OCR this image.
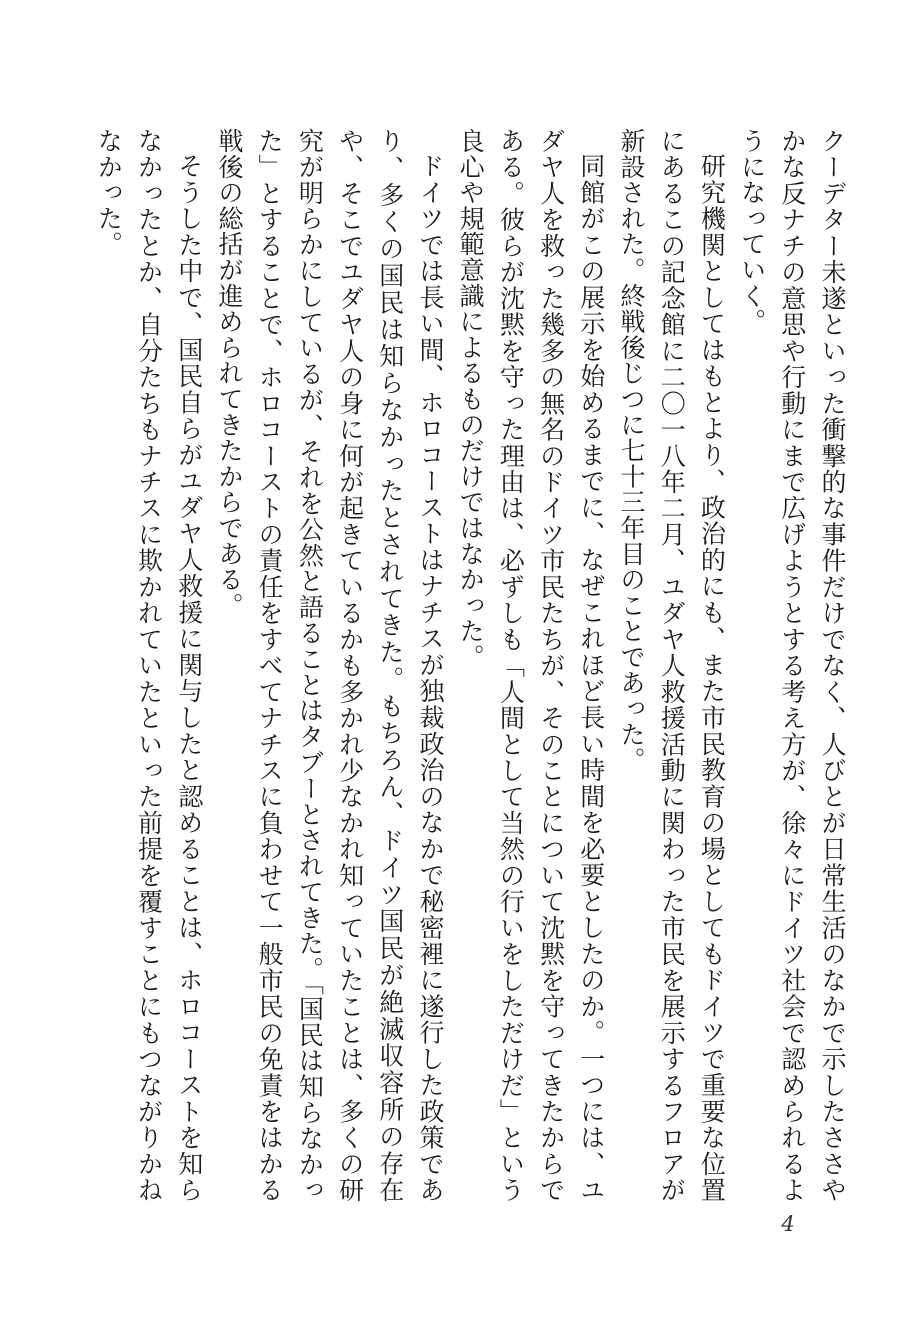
クーデター未遂といった衝撃的な事件だけでなく、人びとが日常生活のなかで示したささやかな反ナチの意思や行動にまで広げようとする考え方が、徐々にドイツ社会で認められるようになっていく。

研究機関としてはもとより、政治的にも、また市民教育の場としてもドイツで重要な位置にあるこの記念館に二〇一八年二月、ユダヤ人救援活動に関わった市民を展示するフロアが新設された。終戦後じつに七十三年目のことであった。

同館がこの展示を始めるまでに、なぜこれほど長い時間を必要としたのか。一つには、ユダヤ人を救った幾多の無名のドイツ市民たちが、そのことについて沈黙を守ってきたからである。彼らが沈黙を守った理由は、必ずしも「人間として当然の行いをしただけだ」という良心や規範意識によるものだけではなかった。

ドイツでは長い間、ホロコーストはナチスが独裁政治のなかで秘密裡に遂行した政策であり、多くの国民は知らなかったとされてきた。もちろん、ドイツ国民が絶滅収容所の存在や、そこでユダヤ人の身に何が起きているかも多かれ少なかれ知っていたことは、多くの研究が明らかにしているが、それを公然と語ることはタブーとされてきた。「国民は知らなかった」とすることで、ホロコーストの責任をすべてナチスに負わせて一般市民の免責をはかる戦後の総括が進められてきたからである。

そうした中で、国民自らがユダヤ人救援に関与したと認めることは、ホロコーストを知らなかったとか、自分たちもナチスに欺かれていたといった前提を覆すことにもつながりかねなかった。

4
